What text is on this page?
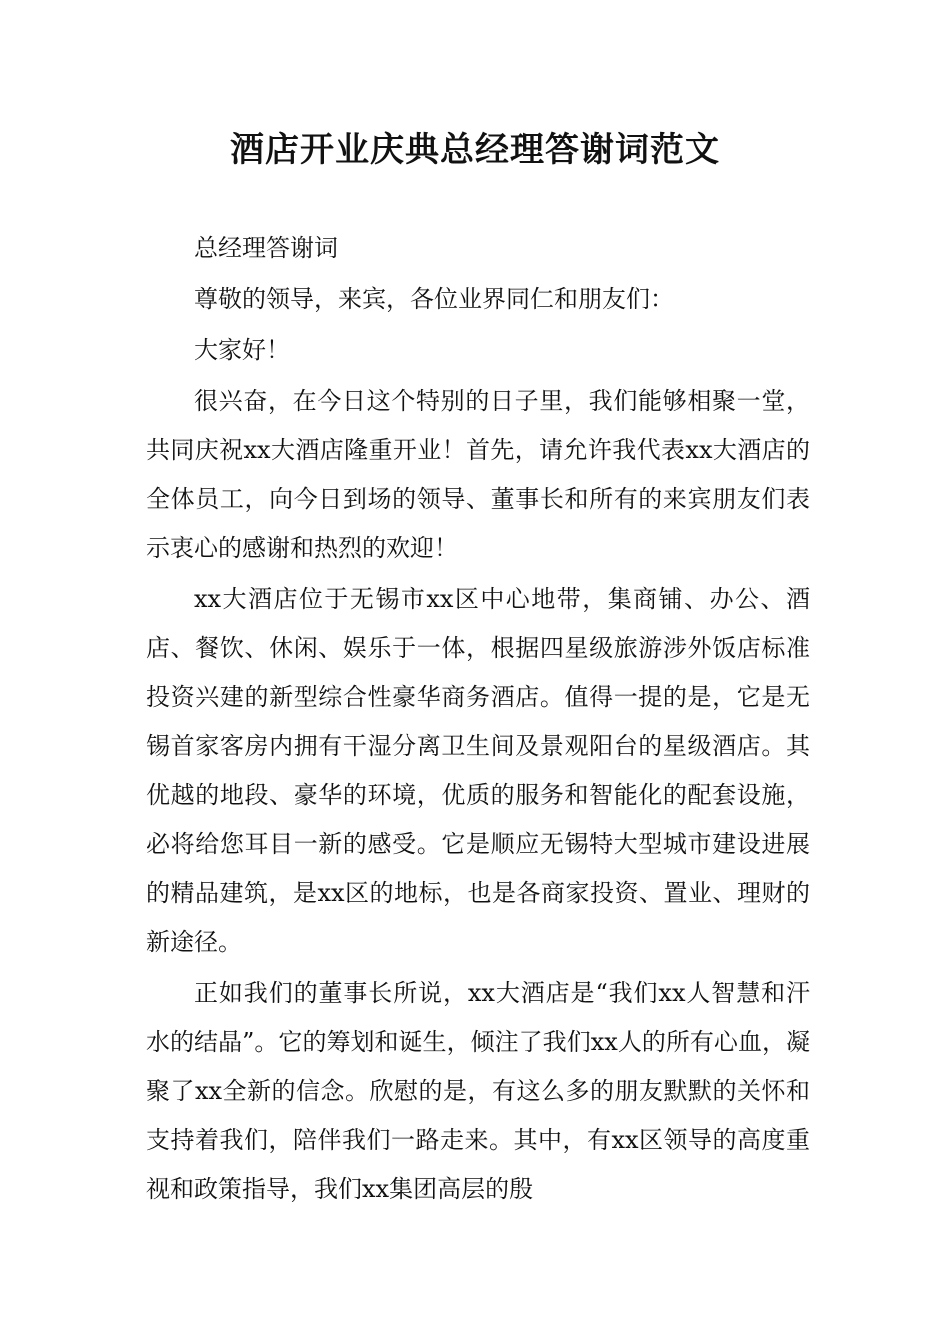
酒店开业庆典总经理答谢词范文

总经理答谢词

尊敬的领导，来宾，各位业界同仁和朋友们：

大家好！

很兴奋，在今日这个特别的日子里，我们能够相聚一堂，共同庆祝xx大酒店隆重开业！首先，请允许我代表xx大酒店的全体员工，向今日到场的领导、董事长和所有的来宾朋友们表示衷心的感谢和热烈的欢迎！

xx大酒店位于无锡市xx区中心地带，集商铺、办公、酒店、餐饮、休闲、娱乐于一体，根据四星级旅游涉外饭店标准投资兴建的新型综合性豪华商务酒店。值得一提的是，它是无锡首家客房内拥有干湿分离卫生间及景观阳台的星级酒店。其优越的地段、豪华的环境，优质的服务和智能化的配套设施，必将给您耳目一新的感受。它是顺应无锡特大型城市建设进展的精品建筑，是xx区的地标，也是各商家投资、置业、理财的新途径。

正如我们的董事长所说，xx大酒店是“我们xx人智慧和汗水的结晶”。它的筹划和诞生，倾注了我们xx人的所有心血，凝聚了xx全新的信念。欣慰的是，有这么多的朋友默默的关怀和支持着我们，陪伴我们一路走来。其中，有xx区领导的高度重视和政策指导，我们xx集团高层的殷
